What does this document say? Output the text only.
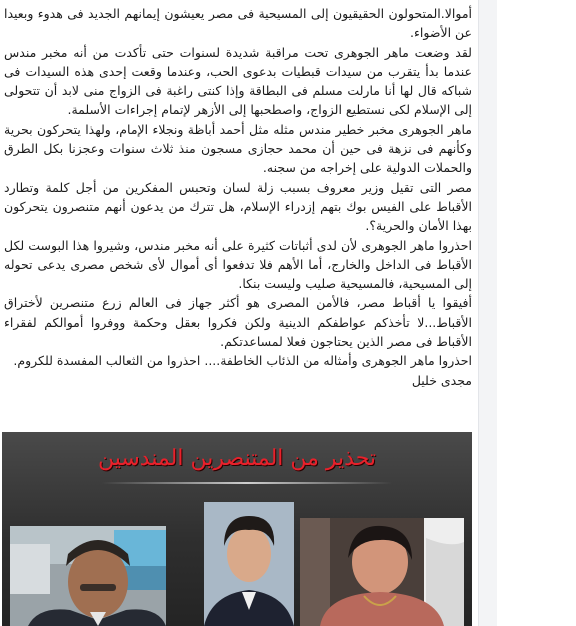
أموالا.المتحولون الحقيقيون إلى المسيحية فى مصر يعيشون إيمانهم الجديد فى هدوء وبعيدا عن الأضواء.

لقد وضعت ماهر الجوهرى تحت مراقبة شديدة لسنوات حتى تأكدت من أنه مخبر مندس عندما بدأ يتقرب من سيدات قبطيات بدعوى الحب، وعندما وقعت إحدى هذه السيدات فى شباكه قال لها أنا مارلت مسلم فى البطاقة وإذا كنتى راغبة فى الزواج منى لابد أن تتحولى إلى الإسلام لكى نستطيع الزواج، واصطحبها إلى الأزهر لإتمام إجراءات الأسلمة.

ماهر الجوهرى مخبر خطير مندس مثله مثل أحمد أباظة ونجلاء الإمام، ولهذا يتحركون بحرية وكأنهم فى نزهة فى حين أن محمد حجازى مسجون منذ ثلاث سنوات وعجزنا بكل الطرق والحملات الدولية على إخراجه من سجنه.

مصر التى تقيل وزير معروف بسبب زلة لسان وتحبس المفكرين من أجل كلمة وتطارد الأقباط على الفيس بوك بتهم إزدراء الإسلام، هل تترك من يدعون أنهم متنصرون يتحركون بهذا الأمان والحرية؟.

احذروا ماهر الجوهرى لأن لدى أثباتات كثيرة على أنه مخبر مندس، وشيروا هذا البوست لكل الأقباط فى الداخل والخارج، أما الأهم فلا تدفعوا أى أموال لأى شخص مصرى يدعى تحوله إلى المسيحية، فالمسيحية صليب وليست بنكا.

أفيقوا يا أقباط مصر، فالأمن المصرى هو أكثر جهاز فى العالم زرع متنصرين لأختراق الأقباط...لا تأخذكم عواطفكم الدينية ولكن فكروا بعقل وحكمة ووفروا أموالكم لفقراء الأقباط فى مصر الذين يحتاجون فعلا لمساعدتكم.

احذروا ماهر الجوهرى وأمثاله من الذئاب الخاطفة.... احذروا من الثعالب المفسدة للكروم.

مجدى خليل

تحذير من المتنصرين المندسين
